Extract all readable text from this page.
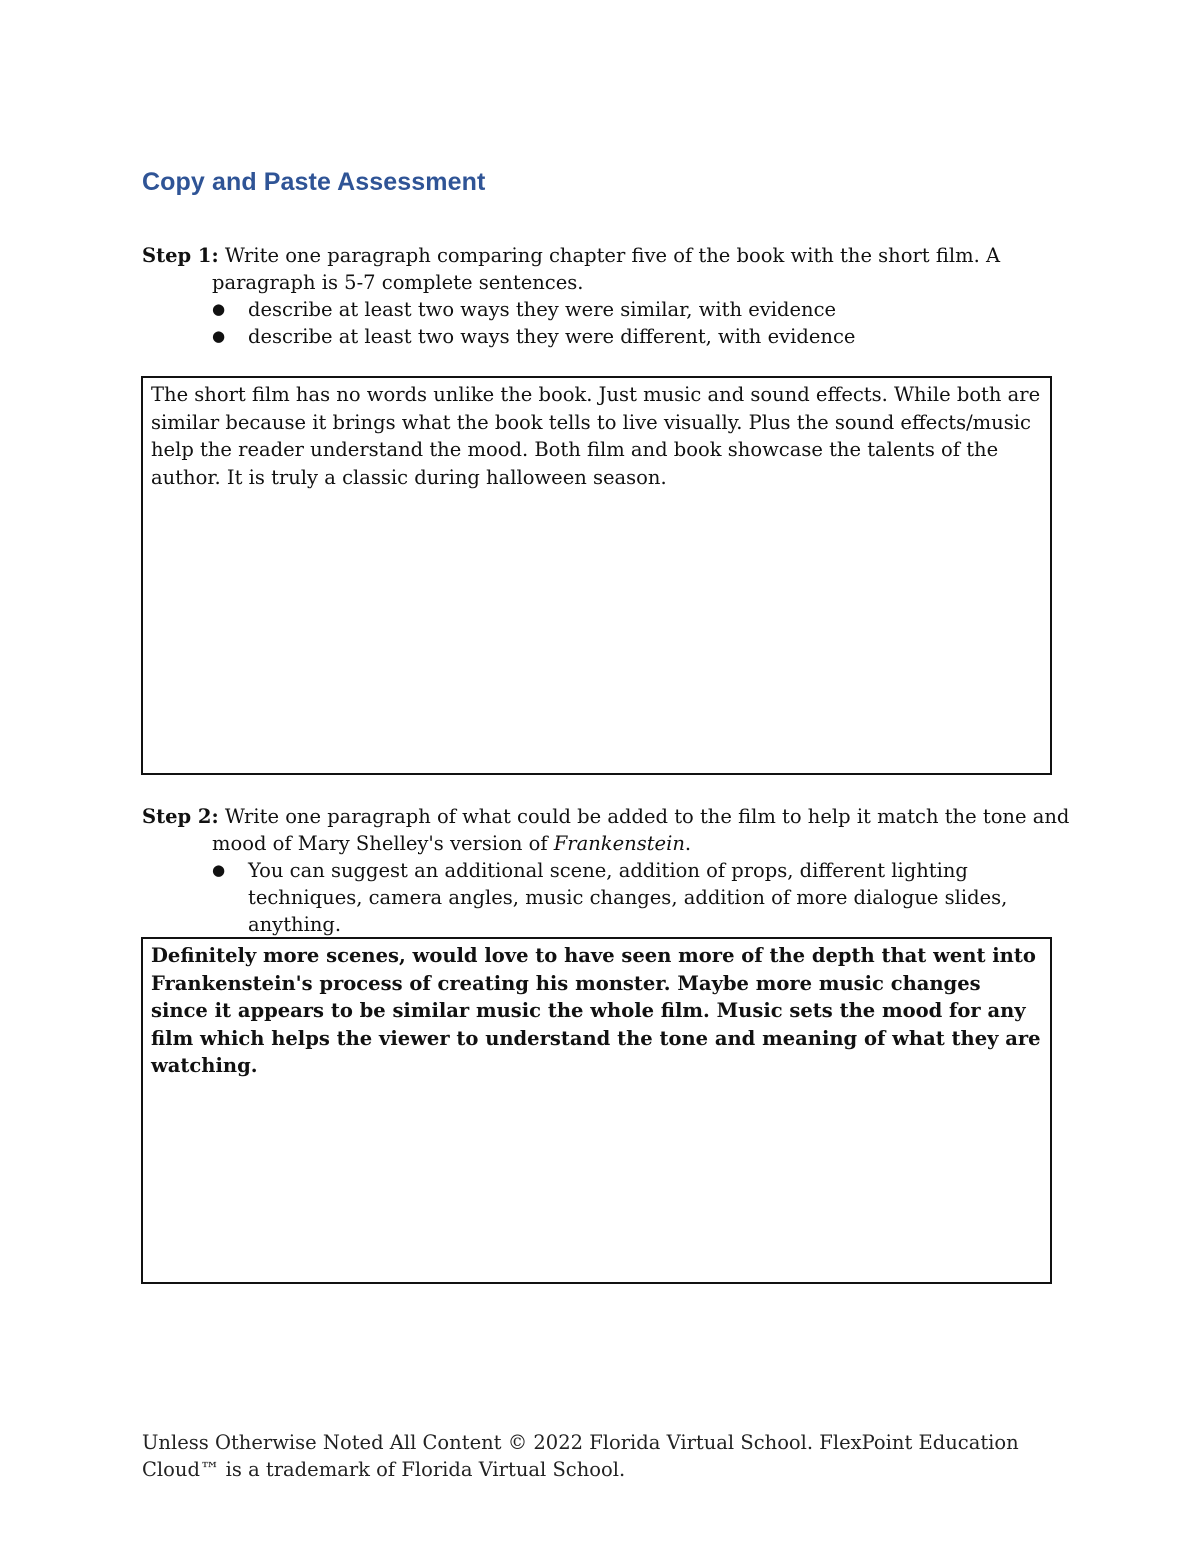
Copy and Paste Assessment
Step 1: Write one paragraph comparing chapter five of the book with the short film. A paragraph is 5-7 complete sentences.
● describe at least two ways they were similar, with evidence
● describe at least two ways they were different, with evidence
The short film has no words unlike the book. Just music and sound effects. While both are similar because it brings what the book tells to live visually. Plus the sound effects/music help the reader understand the mood. Both film and book showcase the talents of the author. It is truly a classic during halloween season.
Step 2: Write one paragraph of what could be added to the film to help it match the tone and mood of Mary Shelley's version of Frankenstein.
● You can suggest an additional scene, addition of props, different lighting techniques, camera angles, music changes, addition of more dialogue slides, anything.
Definitely more scenes, would love to have seen more of the depth that went into Frankenstein's process of creating his monster. Maybe more music changes since it appears to be similar music the whole film. Music sets the mood for any film which helps the viewer to understand the tone and meaning of what they are watching.
Unless Otherwise Noted All Content © 2022 Florida Virtual School. FlexPoint Education Cloud™ is a trademark of Florida Virtual School.
